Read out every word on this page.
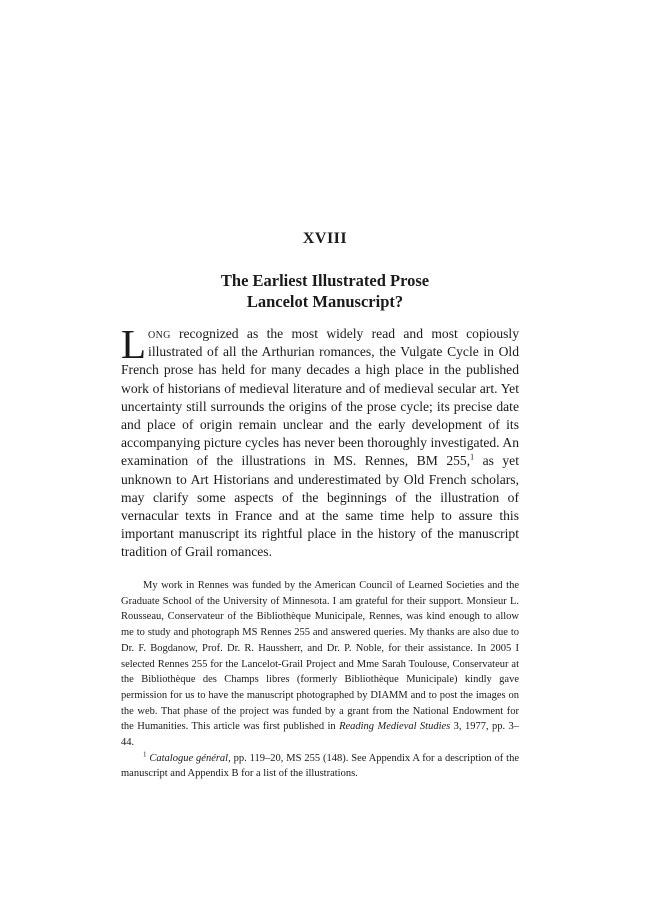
XVIII
The Earliest Illustrated Prose
Lancelot Manuscript?
Long recognized as the most widely read and most copiously illustrated of all the Arthurian romances, the Vulgate Cycle in Old French prose has held for many decades a high place in the published work of historians of medieval literature and of medieval secular art. Yet uncertainty still surrounds the origins of the prose cycle; its precise date and place of origin remain unclear and the early development of its accompanying picture cycles has never been thoroughly investigated. An examination of the illustrations in MS. Rennes, BM 255,$^1$ as yet unknown to Art Historians and underestimated by Old French scholars, may clarify some aspects of the beginnings of the illustration of vernacular texts in France and at the same time help to assure this important manuscript its rightful place in the history of the manuscript tradition of Grail romances.

My work in Rennes was funded by the American Council of Learned Societies and the Graduate School of the University of Minnesota. I am grateful for their support. Monsieur L. Rousseau, Conservateur of the Bibliothèque Municipale, Rennes, was kind enough to allow me to study and photograph MS Rennes 255 and answered queries. My thanks are also due to Dr. F. Bogdanow, Prof. Dr. R. Haussherr, and Dr. P. Noble, for their assistance. In 2005 I selected Rennes 255 for the Lancelot-Grail Project and Mme Sarah Toulouse, Conservateur at the Bibliothèque des Champs libres (formerly Bibliothèque Municipale) kindly gave permission for us to have the manuscript photographed by DIAMM and to post the images on the web. That phase of the project was funded by a grant from the National Endowment for the Humanities. This article was first published in Reading Medieval Studies 3, 1977, pp. 3–44.

$^1$ Catalogue général, pp. 119–20, MS 255 (148). See Appendix A for a description of the manuscript and Appendix B for a list of the illustrations.
